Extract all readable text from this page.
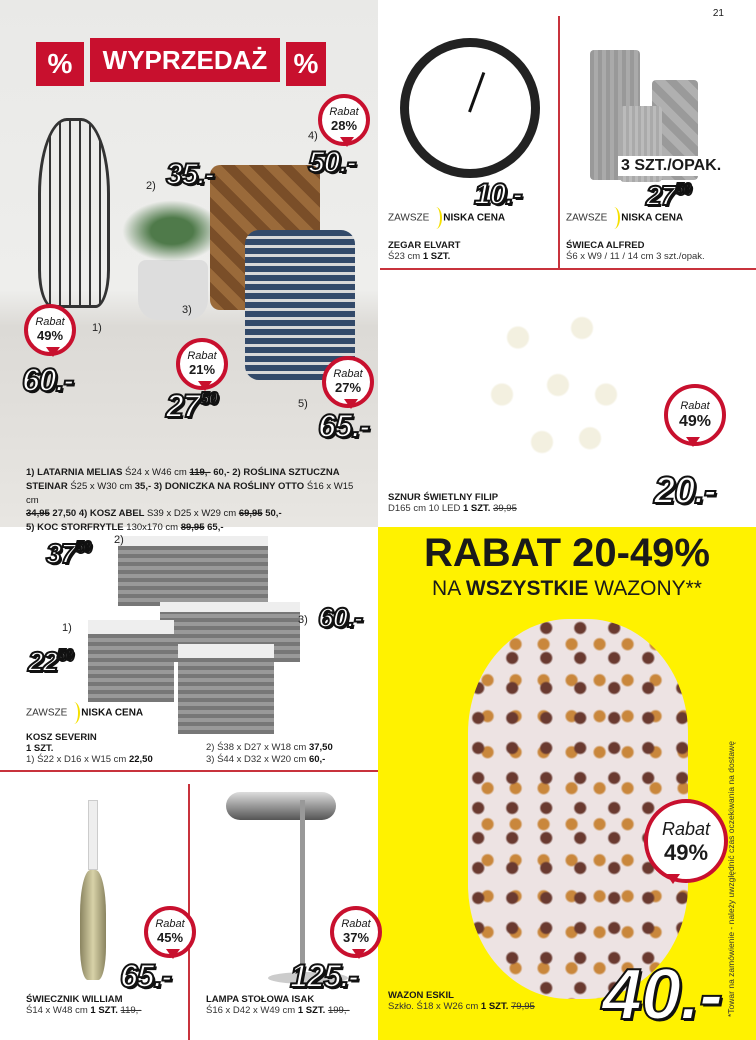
%	WYPRZEDAŻ %
1)
2)
3)
4)
5)
Rabat
49%
Rabat
21%
Rabat
28%
Rabat
27%
60.-
35.-
$27^{50}$
50.-
65.-
1) LATARNIA MELIAS Ś24 x W46 cm 119,- 60,- 2) ROŚLINA SZTUCZNA
STEINAR Ś25 x W30 cm 35,- 3) DONICZKA NA ROŚLINY OTTO Ś16 x W15 cm
34,95 27,50 4) KOSZ ABEL S39 x D25 x W29 cm 69,95 50,-
5) KOC STORFRYTLE 130x170 cm 89,95 65,-
21
10.-
ZAWSZE NISKA CENA
ZEGAR ELVART
Ś23 cm 1 SZT.
3 SZT./OPAK.
$27^{50}$
ZAWSZE NISKA CENA
ŚWIECA ALFRED
Ś6 x W9 / 11 / 14 cm 3 szt./opak.
Rabat
49%
20.-
SZNUR ŚWIETLNY FILIP
D165 cm 10 LED 1 SZT. 39,95
$37^{50}$ 2)
1)
3) 60.-
$22^{50}$
ZAWSZE NISKA CENA
KOSZ SEVERIN
1 SZT.
1) Ś22 x D16 x W15 cm 22,50
2) Ś38 x D27 x W18 cm 37,50
3) Ś44 x D32 x W20 cm 60,-
RABAT 20-49%
NA WSZYSTKIE WAZONY**
Rabat
49%
40.-
WAZON ESKIL
Szkło. Ś18 x W26 cm 1 SZT. 79,95	*Towar na zamówienie - należy uwzględnić czas oczekiwania na dostawę
Rabat
45%
65.-
ŚWIECZNIK WILLIAM
Ś14 x W48 cm 1 SZT. 119,-
Rabat
37%
125.-
LAMPA STOŁOWA ISAK
Ś16 x D42 x W49 cm 1 SZT. 199,-
